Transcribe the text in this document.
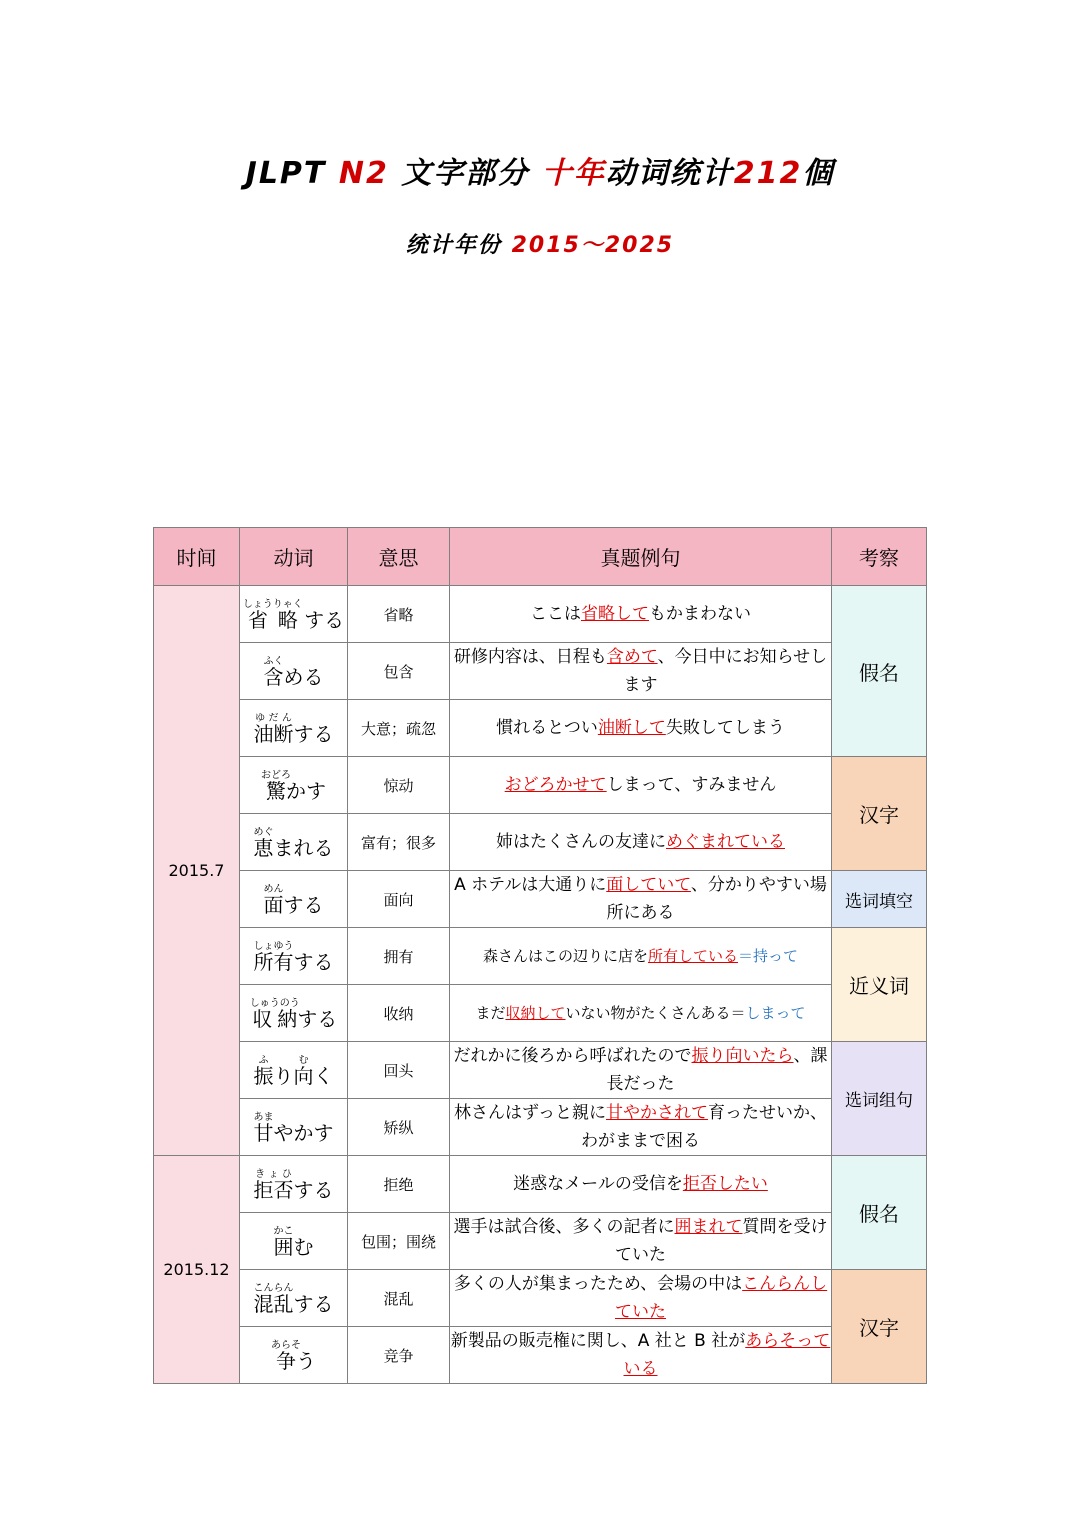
JLPT N2 文字部分 十年动词统计212個
统计年份 2015～2025
时间	动词	意思	真题例句	考察
2015.7	省略しょうりゃく する	省略	ここは省略してもかまわない	假名
	含ふくめる	包含	研修内容は、日程も含めて、今日中にお知らせします	
	油断ゆだんする	大意；疏忽	慣れるとつい油断して失敗してしまう	
	驚おどろかす	惊动	おどろかせてしまって、すみません	汉字
	恵めぐまれる	富有；很多	姉はたくさんの友達にめぐまれている	
	面めんする	面向	A ホテルは大通りに面していて、分かりやすい場所にある	选词填空
	所有しょゆうする	拥有	森さんはこの辺りに店を所有している＝持って	近义词
	収納しゅうのうする	收纳	まだ収納していない物がたくさんある＝しまって	
	振ふり向むく	回头	だれかに後ろから呼ばれたので振り向いたら、課長だった	选词组句
	甘あまやかす	矫纵	林さんはずっと親に甘やかされて育ったせいか、わがままで困る	
2015.12	拒否きょひする	拒绝	迷惑なメールの受信を拒否したい	假名
	囲かこむ	包围；围绕	選手は試合後、多くの記者に囲まれて質問を受けていた	
	混乱こんらんする	混乱	多くの人が集まったため、会場の中はこんらんしていた	汉字
	争あらそう	竞争	新製品の販売権に関し、A 社と B 社があらそっている	
